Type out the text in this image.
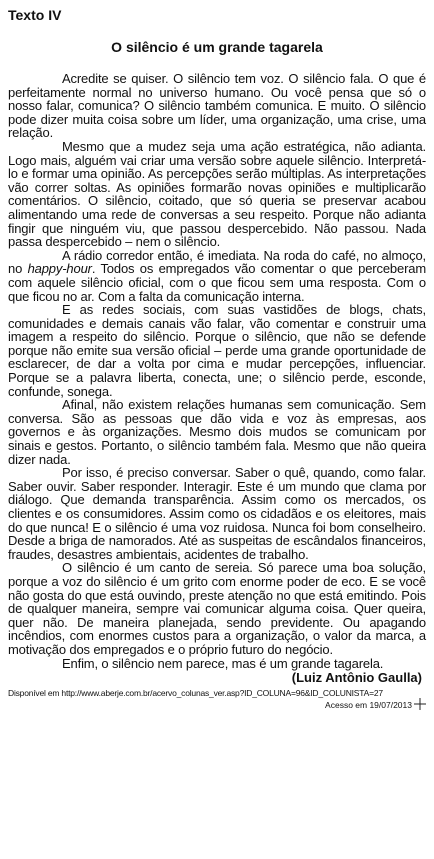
Texto IV
O silêncio é um grande tagarela

Acredite se quiser. O silêncio tem voz. O silêncio fala. O que é perfeitamente normal no universo humano. Ou você pensa que só o nosso falar, comunica? O silêncio também comunica. E muito. O silêncio pode dizer muita coisa sobre um líder, uma organização, uma crise, uma relação.

Mesmo que a mudez seja uma ação estratégica, não adianta. Logo mais, alguém vai criar uma versão sobre aquele silêncio. Interpretá-lo e formar uma opinião. As percepções serão múltiplas. As interpretações vão correr soltas. As opiniões formarão novas opiniões e multiplicarão comentários. O silêncio, coitado, que só queria se preservar acabou alimentando uma rede de conversas a seu respeito. Porque não adianta fingir que ninguém viu, que passou despercebido. Não passou. Nada passa despercebido – nem o silêncio.

A rádio corredor então, é imediata. Na roda do café, no almoço, no happy-hour. Todos os empregados vão comentar o que perceberam com aquele silêncio oficial, com o que ficou sem uma resposta. Com o que ficou no ar. Com a falta da comunicação interna.

E as redes sociais, com suas vastidões de blogs, chats, comunidades e demais canais vão falar, vão comentar e construir uma imagem a respeito do silêncio. Porque o silêncio, que não se defende porque não emite sua versão oficial – perde uma grande oportunidade de esclarecer, de dar a volta por cima e mudar percepções, influenciar. Porque se a palavra liberta, conecta, une; o silêncio perde, esconde, confunde, sonega.

Afinal, não existem relações humanas sem comunicação. Sem conversa. São as pessoas que dão vida e voz às empresas, aos governos e às organizações. Mesmo dois mudos se comunicam por sinais e gestos. Portanto, o silêncio também fala. Mesmo que não queira dizer nada.

Por isso, é preciso conversar. Saber o quê, quando, como falar. Saber ouvir. Saber responder. Interagir. Este é um mundo que clama por diálogo. Que demanda transparência. Assim como os mercados, os clientes e os consumidores. Assim como os cidadãos e os eleitores, mais do que nunca! E o silêncio é uma voz ruidosa. Nunca foi bom conselheiro. Desde a briga de namorados. Até as suspeitas de escândalos financeiros, fraudes, desastres ambientais, acidentes de trabalho.

O silêncio é um canto de sereia. Só parece uma boa solução, porque a voz do silêncio é um grito com enorme poder de eco. E se você não gosta do que está ouvindo, preste atenção no que está emitindo. Pois de qualquer maneira, sempre vai comunicar alguma coisa. Quer queira, quer não. De maneira planejada, sendo previdente. Ou apagando incêndios, com enormes custos para a organização, o valor da marca, a motivação dos empregados e o próprio futuro do negócio.

Enfim, o silêncio nem parece, mas é um grande tagarela.

(Luiz Antônio Gaulla)
Disponível em http://www.aberje.com.br/acervo_colunas_ver.asp?ID_COLUNA=96&ID_COLUNISTA=27
Acesso em 19/07/2013
